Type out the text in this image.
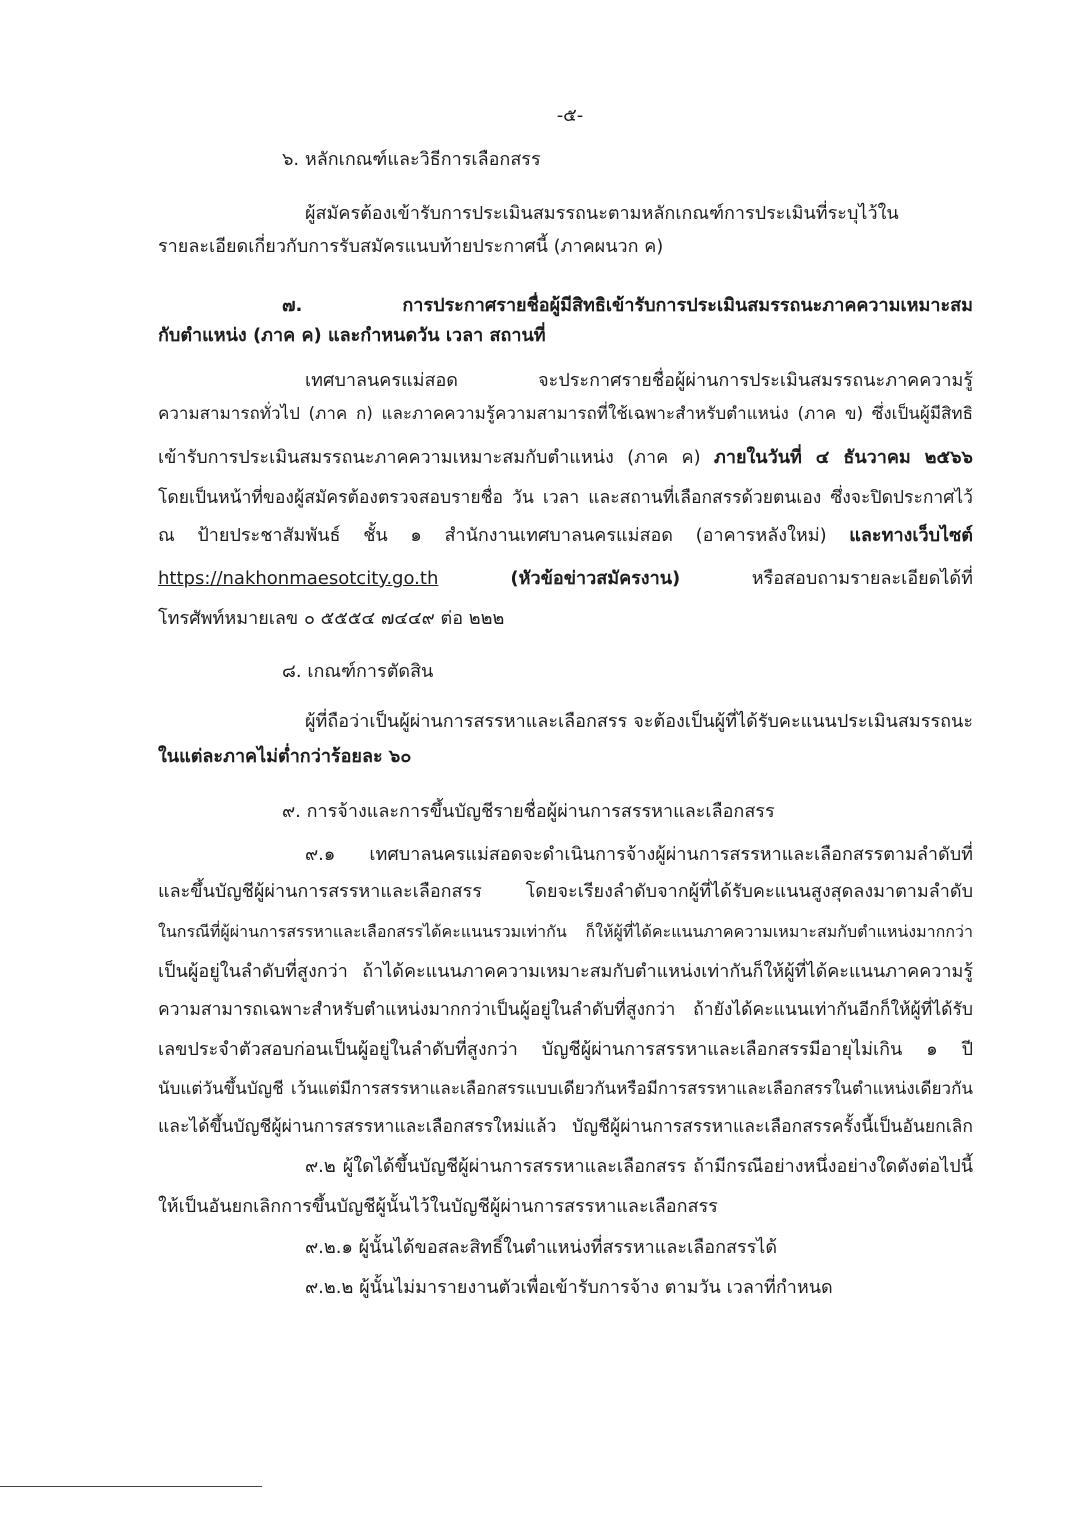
-๕-
๖. หลักเกณฑ์และวิธีการเลือกสรร
ผู้สมัครต้องเข้ารับการประเมินสมรรถนะตามหลักเกณฑ์การประเมินที่ระบุไว้ใน
รายละเอียดเกี่ยวกับการรับสมัครแนบท้ายประกาศนี้ (ภาคผนวก ค)
๗. การประกาศรายชื่อผู้มีสิทธิเข้ารับการประเมินสมรรถนะภาคความเหมาะสม
กับตำแหน่ง (ภาค ค) และกำหนดวัน เวลา สถานที่
เทศบาลนครแม่สอด จะประกาศรายชื่อผู้ผ่านการประเมินสมรรถนะภาคความรู้
ความสามารถทั่วไป (ภาค ก) และภาคความรู้ความสามารถที่ใช้เฉพาะสำหรับตำแหน่ง (ภาค ข) ซึ่งเป็นผู้มีสิทธิ
เข้ารับการประเมินสมรรถนะภาคความเหมาะสมกับตำแหน่ง (ภาค ค) ภายในวันที่ ๔ ธันวาคม ๒๕๖๖
โดยเป็นหน้าที่ของผู้สมัครต้องตรวจสอบรายชื่อ วัน เวลา และสถานที่เลือกสรรด้วยตนเอง ซึ่งจะปิดประกาศไว้
ณ ป้ายประชาสัมพันธ์ ชั้น ๑ สำนักงานเทศบาลนครแม่สอด (อาคารหลังใหม่) และทางเว็บไซต์
https://nakhonmaesotcity.go.th (หัวข้อข่าวสมัครงาน) หรือสอบถามรายละเอียดได้ที่
โทรศัพท์หมายเลข ๐ ๕๕๕๔ ๗๔๔๙ ต่อ ๒๒๒
๘. เกณฑ์การตัดสิน
ผู้ที่ถือว่าเป็นผู้ผ่านการสรรหาและเลือกสรร จะต้องเป็นผู้ที่ได้รับคะแนนประเมินสมรรถนะ
ในแต่ละภาคไม่ต่ำกว่าร้อยละ ๖๐
๙. การจ้างและการขึ้นบัญชีรายชื่อผู้ผ่านการสรรหาและเลือกสรร
๙.๑ เทศบาลนครแม่สอดจะดำเนินการจ้างผู้ผ่านการสรรหาและเลือกสรรตามลำดับที่
และขึ้นบัญชีผู้ผ่านการสรรหาและเลือกสรร โดยจะเรียงลำดับจากผู้ที่ได้รับคะแนนสูงสุดลงมาตามลำดับ
ในกรณีที่ผู้ผ่านการสรรหาและเลือกสรรได้คะแนนรวมเท่ากัน ก็ให้ผู้ที่ได้คะแนนภาคความเหมาะสมกับตำแหน่งมากกว่า
เป็นผู้อยู่ในลำดับที่สูงกว่า ถ้าได้คะแนนภาคความเหมาะสมกับตำแหน่งเท่ากันก็ให้ผู้ที่ได้คะแนนภาคความรู้
ความสามารถเฉพาะสำหรับตำแหน่งมากกว่าเป็นผู้อยู่ในลำดับที่สูงกว่า ถ้ายังได้คะแนนเท่ากันอีกก็ให้ผู้ที่ได้รับ
เลขประจำตัวสอบก่อนเป็นผู้อยู่ในลำดับที่สูงกว่า บัญชีผู้ผ่านการสรรหาและเลือกสรรมีอายุไม่เกิน ๑ ปี
นับแต่วันขึ้นบัญชี เว้นแต่มีการสรรหาและเลือกสรรแบบเดียวกันหรือมีการสรรหาและเลือกสรรในตำแหน่งเดียวกัน
และได้ขึ้นบัญชีผู้ผ่านการสรรหาและเลือกสรรใหม่แล้ว บัญชีผู้ผ่านการสรรหาและเลือกสรรครั้งนี้เป็นอันยกเลิก
๙.๒ ผู้ใดได้ขึ้นบัญชีผู้ผ่านการสรรหาและเลือกสรร ถ้ามีกรณีอย่างหนึ่งอย่างใดดังต่อไปนี้
ให้เป็นอันยกเลิกการขึ้นบัญชีผู้นั้นไว้ในบัญชีผู้ผ่านการสรรหาและเลือกสรร
๙.๒.๑ ผู้นั้นได้ขอสละสิทธิ์ในตำแหน่งที่สรรหาและเลือกสรรได้
๙.๒.๒ ผู้นั้นไม่มารายงานตัวเพื่อเข้ารับการจ้าง ตามวัน เวลาที่กำหนด
